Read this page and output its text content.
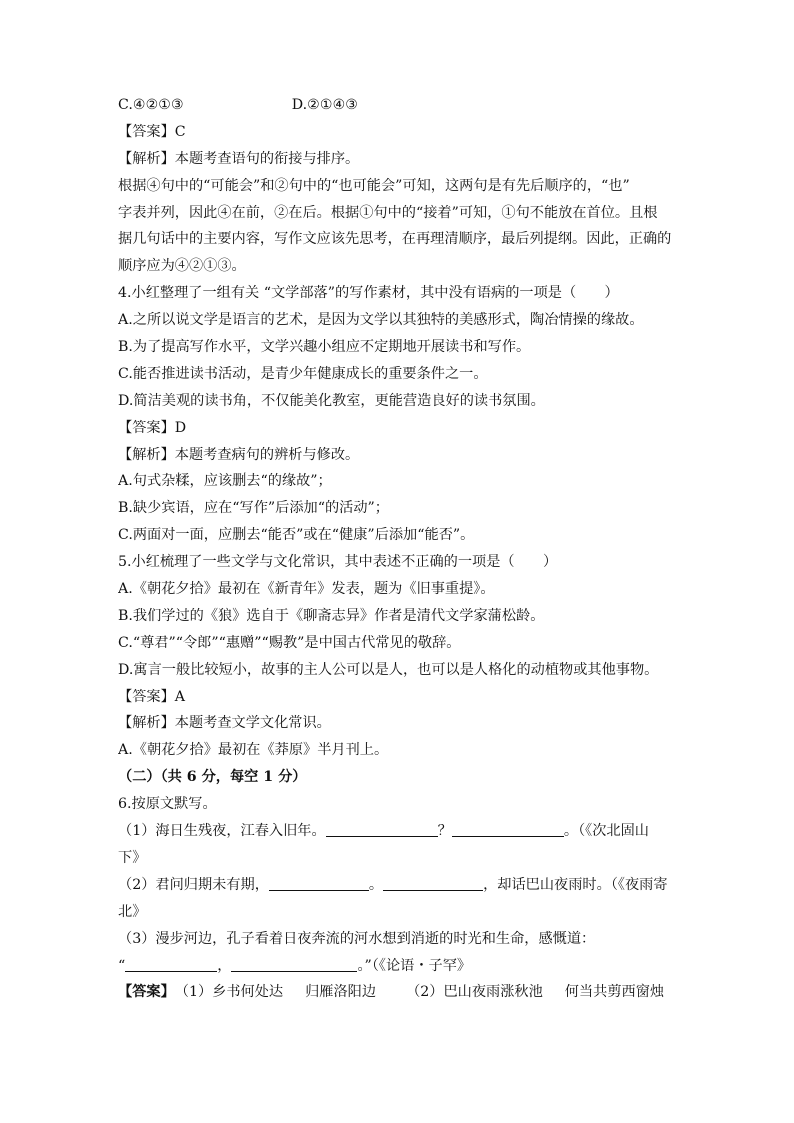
C.④②①③	D.②①④③
【答案】C
【解析】本题考查语句的衔接与排序。
根据④句中的“可能会”和②句中的“也可能会”可知，这两句是有先后顺序的，“也”
字表并列，因此④在前，②在后。根据①句中的“接着”可知，①句不能放在首位。且根
据几句话中的主要内容，写作文应该先思考，在再理清顺序，最后列提纲。因此，正确的
顺序应为④②①③。
4.小红整理了一组有关 “文学部落”的写作素材，其中没有语病的一项是（　　）
A.之所以说文学是语言的艺术，是因为文学以其独特的美感形式，陶冶情操的缘故。
B.为了提高写作水平，文学兴趣小组应不定期地开展读书和写作。
C.能否推进读书活动，是青少年健康成长的重要条件之一。
D.简洁美观的读书角，不仅能美化教室，更能营造良好的读书氛围。
【答案】D
【解析】本题考查病句的辨析与修改。
A.句式杂糅，应该删去“的缘故”；
B.缺少宾语，应在“写作”后添加“的活动”；
C.两面对一面，应删去“能否”或在“健康”后添加“能否”。
5.小红梳理了一些文学与文化常识，其中表述不正确的一项是（　　）
A.《朝花夕拾》最初在《新青年》发表，题为《旧事重提》。
B.我们学过的《狼》选自于《聊斋志异》作者是清代文学家蒲松龄。
C.“尊君”“令郎”“惠赠”“赐教”是中国古代常见的敬辞。
D.寓言一般比较短小，故事的主人公可以是人，也可以是人格化的动植物或其他事物。
【答案】A
【解析】本题考查文学文化常识。
A.《朝花夕拾》最初在《莽原》半月刊上。
（二）（共 6 分，每空 1 分）
6.按原文默写。
（1）海日生残夜，江春入旧年。	？	。（《次北固山
下》
（2）君问归期未有期，	。	，却话巴山夜雨时。（《夜雨寄
北》
（3）漫步河边，孔子看着日夜奔流的河水想到消逝的时光和生命，感慨道：
“	，	。”（《论语・子罕》
【答案】（1）乡书何处达 归雁洛阳边 （2）巴山夜雨涨秋池 何当共剪西窗烛
